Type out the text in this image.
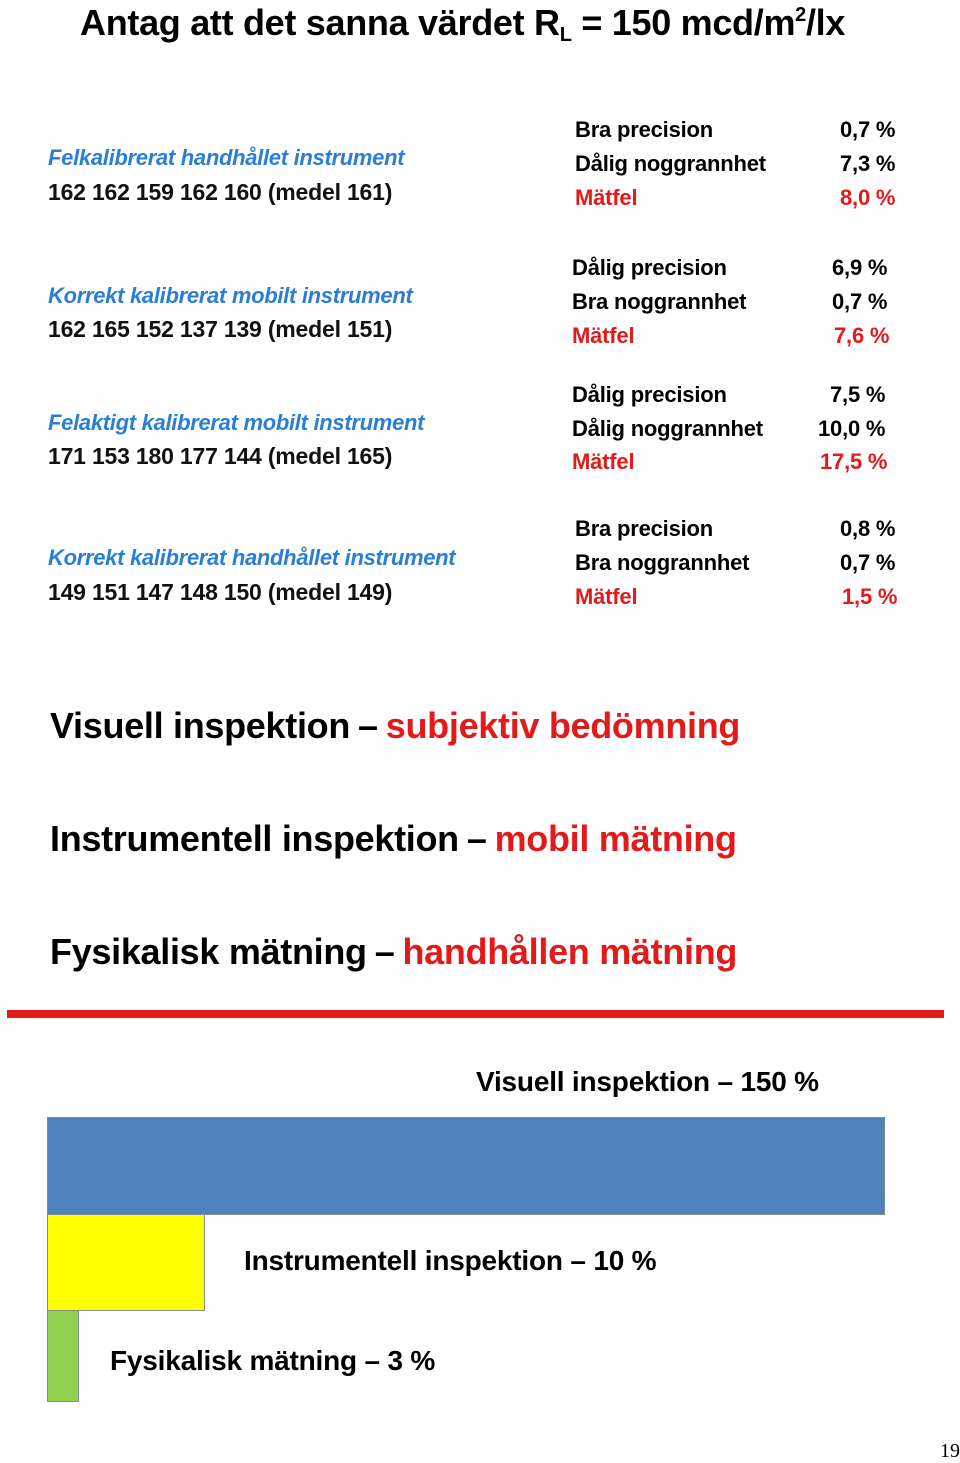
Antag att det sanna värdet $R_L = 150$ mcd/$m^2/lx$
Felkalibrerat handhållet instrument
162 162 159 162 160 (medel 161)
Bra precision	0,7 %
Dålig noggrannhet	7,3 %
Mätfel	8,0 %
Korrekt kalibrerat mobilt instrument
162 165 152 137 139 (medel 151)
Dålig precision	6,9 %
Bra noggrannhet	0,7 %
Mätfel	7,6 %
Felaktigt kalibrerat mobilt instrument
171 153 180 177 144 (medel 165)
Dålig precision	7,5 %
Dålig noggrannhet	10,0 %
Mätfel	17,5 %
Korrekt kalibrerat handhållet instrument
149 151 147 148 150 (medel 149)
Bra precision	0,8 %
Bra noggrannhet	0,7 %
Mätfel	1,5 %
Visuell inspektion – subjektiv bedömning
Instrumentell inspektion – mobil mätning
Fysikalisk mätning – handhållen mätning
Visuell inspektion – 150 %
Instrumentell inspektion – 10 %
Fysikalisk mätning – 3 %
19
